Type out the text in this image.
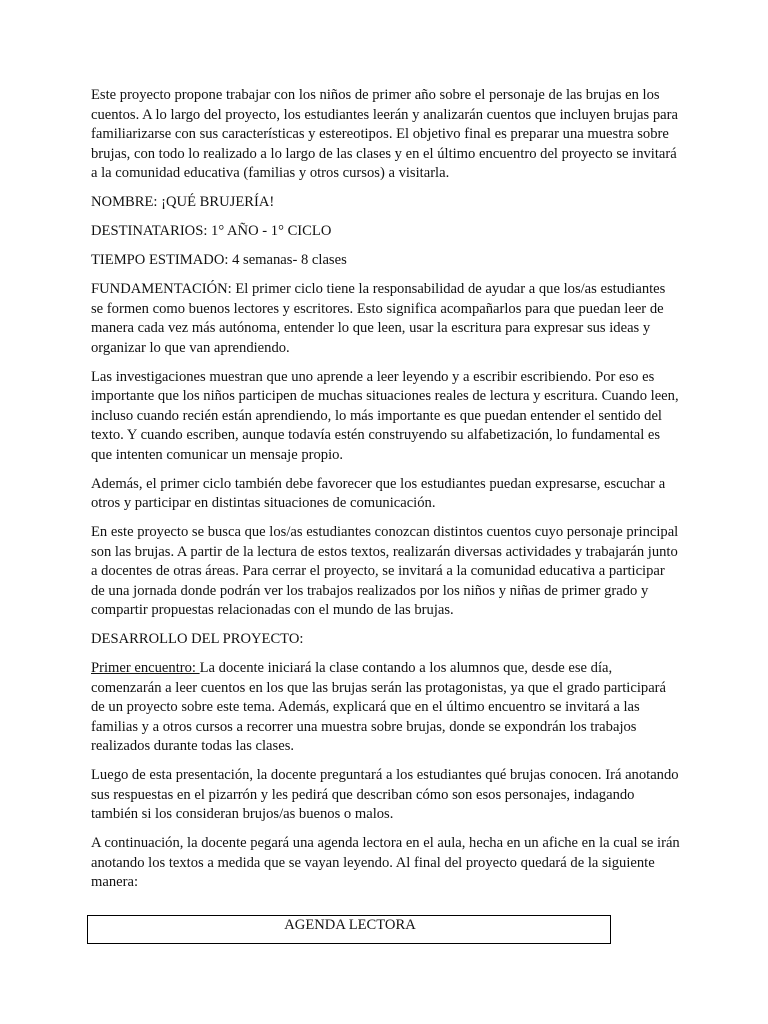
Este proyecto propone trabajar con los niños de primer año sobre el personaje de las brujas en los cuentos. A lo largo del proyecto, los estudiantes leerán y analizarán cuentos que incluyen brujas para familiarizarse con sus características y estereotipos. El objetivo final es preparar una muestra sobre brujas, con todo lo realizado a lo largo de las clases y en el último encuentro del proyecto se invitará a la comunidad educativa (familias y otros cursos) a visitarla.

NOMBRE: ¡QUÉ BRUJERÍA!

DESTINATARIOS: 1° AÑO - 1° CICLO

TIEMPO ESTIMADO: 4 semanas- 8 clases

FUNDAMENTACIÓN: El primer ciclo tiene la responsabilidad de ayudar a que los/as estudiantes se formen como buenos lectores y escritores. Esto significa acompañarlos para que puedan leer de manera cada vez más autónoma, entender lo que leen, usar la escritura para expresar sus ideas y organizar lo que van aprendiendo.

Las investigaciones muestran que uno aprende a leer leyendo y a escribir escribiendo. Por eso es importante que los niños participen de muchas situaciones reales de lectura y escritura. Cuando leen, incluso cuando recién están aprendiendo, lo más importante es que puedan entender el sentido del texto. Y cuando escriben, aunque todavía estén construyendo su alfabetización, lo fundamental es que intenten comunicar un mensaje propio.

Además, el primer ciclo también debe favorecer que los estudiantes puedan expresarse, escuchar a otros y participar en distintas situaciones de comunicación.

En este proyecto se busca que los/as estudiantes conozcan distintos cuentos cuyo personaje principal son las brujas. A partir de la lectura de estos textos, realizarán diversas actividades y trabajarán junto a docentes de otras áreas. Para cerrar el proyecto, se invitará a la comunidad educativa a participar de una jornada donde podrán ver los trabajos realizados por los niños y niñas de primer grado y compartir propuestas relacionadas con el mundo de las brujas.

DESARROLLO DEL PROYECTO:

Primer encuentro: La docente iniciará la clase contando a los alumnos que, desde ese día, comenzarán a leer cuentos en los que las brujas serán las protagonistas, ya que el grado participará de un proyecto sobre este tema. Además, explicará que en el último encuentro se invitará a las familias y a otros cursos a recorrer una muestra sobre brujas, donde se expondrán los trabajos realizados durante todas las clases.

Luego de esta presentación, la docente preguntará a los estudiantes qué brujas conocen. Irá anotando sus respuestas en el pizarrón y les pedirá que describan cómo son esos personajes, indagando también si los consideran brujos/as buenos o malos.

A continuación, la docente pegará una agenda lectora en el aula, hecha en un afiche en la cual se irán anotando los textos a medida que se vayan leyendo. Al final del proyecto quedará de la siguiente manera:

AGENDA LECTORA
